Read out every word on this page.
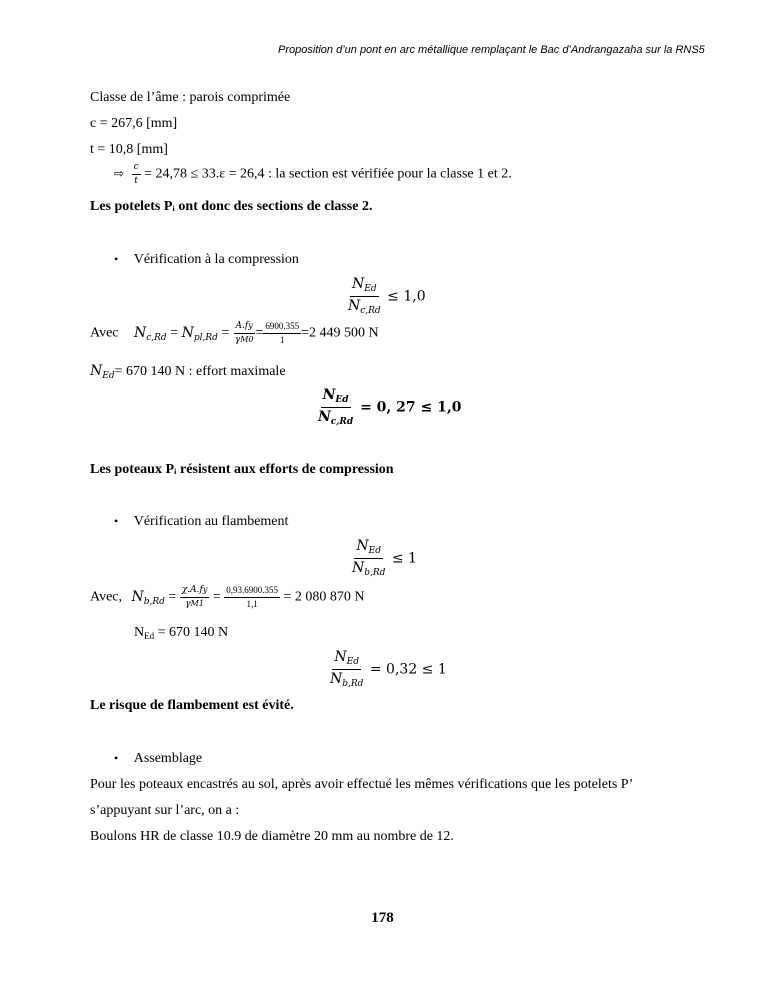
Proposition d’un pont en arc métallique remplaçant le Bac d’Andrangazaha sur la RNS5
Classe de l’âme : parois comprimée
c = 267,6 [mm]
t = 10,8 [mm]
⇨ $\frac{c}{t} = 24,78 \le 33.\varepsilon = 26,4$ : la section est vérifiée pour la classe 1 et 2.
Les potelets Pᵢ ont donc des sections de classe 2.
• Vérification à la compression
$\frac{N_{Ed}}{N_{c,Rd}} \le 1,0$
Avec $N_{c,Rd} = N_{pl,Rd} = \frac{A.fy}{\gamma M0} = \frac{6900.355}{1} =2$ 449 500 N
$N_{Ed}= 670$ 140 N : effort maximale
$\frac{N_{Ed}}{N_{c,Rd}} = 0$, 27 ≤ 1,0
Les poteaux Pᵢ résistent aux efforts de compression
• Vérification au flambement
$\frac{N_{Ed}}{N_{b,Rd}} \le 1$
Avec, $N_{b,Rd} = \frac{\chi.A.fy}{\gamma M1} = \frac{0,93.6900.355}{1,1} = 2$ 080 870 N
$N_{Ed} = 670$ 140 N
$\frac{N_{Ed}}{N_{b,Rd}} = 0,32 \le 1$
Le risque de flambement est évité.
• Assemblage
Pour les poteaux encastrés au sol, après avoir effectué les mêmes vérifications que les potelets P’
s’appuyant sur l’arc, on a :
Boulons HR de classe 10.9 de diamètre 20 mm au nombre de 12.
178
